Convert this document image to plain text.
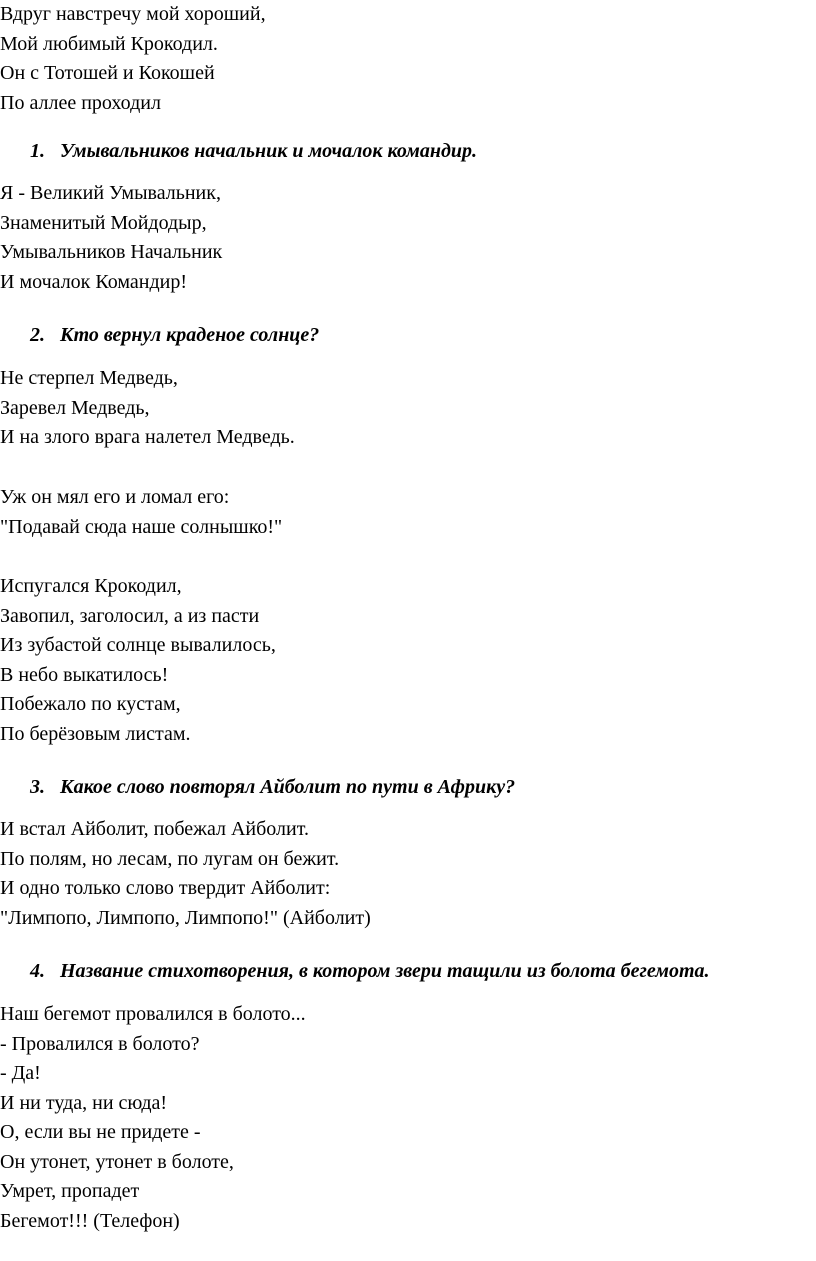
Вдруг навстречу мой хороший,
Мой любимый Крокодил.
Он с Тотошей и Кокошей
По аллее проходил

1. Умывальников начальник и мочалок командир.

Я - Великий Умывальник,
Знаменитый Мойдодыр,
Умывальников Начальник
И мочалок Командир!

2. Кто вернул краденое солнце?

Не стерпел Медведь,
Заревел Медведь,
И на злого врага налетел Медведь.
Уж он мял его и ломал его:
"Подавай сюда наше солнышко!"
Испугался Крокодил,
Завопил, заголосил, а из пасти
Из зубастой солнце вывалилось,
В небо выкатилось!
Побежало по кустам,
По берёзовым листам.

3. Какое слово повторял Айболит по пути в Африку?

И встал Айболит, побежал Айболит.
По полям, но лесам, по лугам он бежит.
И одно только слово твердит Айболит:
"Лимпопо, Лимпопо, Лимпопо!" (Айболит)

4. Название стихотворения, в котором звери тащили из болота бегемота.

Наш бегемот провалился в болото...
- Провалился в болото?
- Да!
И ни туда, ни сюда!
О, если вы не придете -
Он утонет, утонет в болоте,
Умрет, пропадет
Бегемот!!! (Телефон)
